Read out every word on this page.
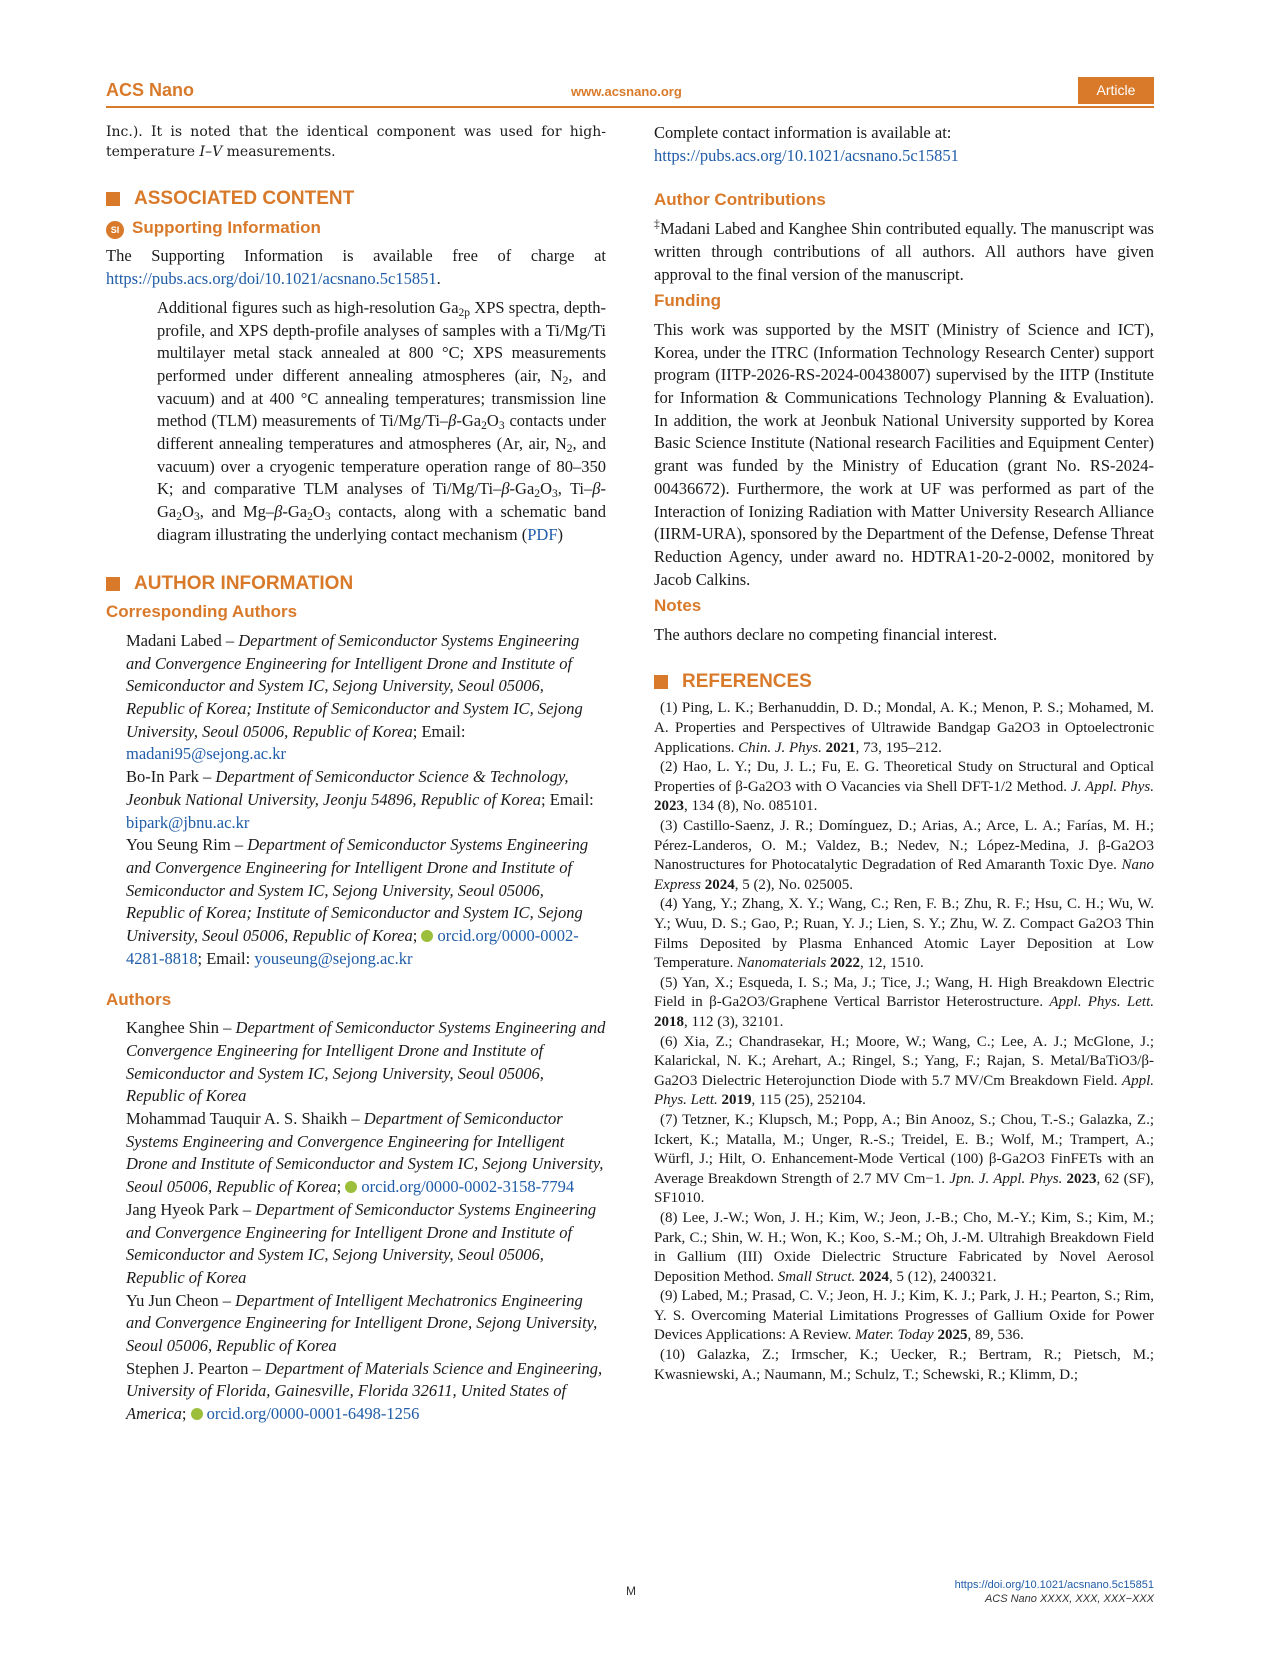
ACS Nano	www.acsnano.org	Article

Inc.). It is noted that the identical component was used for high-temperature I–V measurements.

ASSOCIATED CONTENT
SI Supporting Information

The Supporting Information is available free of charge at https://pubs.acs.org/doi/10.1021/acsnano.5c15851.

Additional figures such as high-resolution $Ga_{2p}$ XPS spectra, depth-profile, and XPS depth-profile analyses of samples with a Ti/Mg/Ti multilayer metal stack annealed at 800 °C; XPS measurements performed under different annealing atmospheres (air, $N_2$, and vacuum) and at 400 °C annealing temperatures; transmission line method (TLM) measurements of $Ti/Mg/Ti-\beta-Ga_2O_3$ contacts under different annealing temperatures and atmospheres (Ar, air, $N_2$, and vacuum) over a cryogenic temperature operation range of 80–350 K; and comparative TLM analyses of $Ti/Mg/Ti-\beta-Ga_2O_3$, $Ti-\beta-Ga_2O_3$, and $Mg-\beta-Ga_2O_3$ contacts, along with a schematic band diagram illustrating the underlying contact mechanism (PDF)

AUTHOR INFORMATION
Corresponding Authors
Madani Labed – Department of Semiconductor Systems Engineering and Convergence Engineering for Intelligent Drone and Institute of Semiconductor and System IC, Sejong University, Seoul 05006, Republic of Korea; Institute of Semiconductor and System IC, Sejong University, Seoul 05006, Republic of Korea; Email: madani95@sejong.ac.kr
Bo-In Park – Department of Semiconductor Science & Technology, Jeonbuk National University, Jeonju 54896, Republic of Korea; Email: bipark@jbnu.ac.kr
You Seung Rim – Department of Semiconductor Systems Engineering and Convergence Engineering for Intelligent Drone and Institute of Semiconductor and System IC, Sejong University, Seoul 05006, Republic of Korea; Institute of Semiconductor and System IC, Sejong University, Seoul 05006, Republic of Korea; orcid.org/0000-0002-4281-8818; Email: youseung@sejong.ac.kr
Authors
Kanghee Shin – Department of Semiconductor Systems Engineering and Convergence Engineering for Intelligent Drone and Institute of Semiconductor and System IC, Sejong University, Seoul 05006, Republic of Korea
Mohammad Tauquir A. S. Shaikh – Department of Semiconductor Systems Engineering and Convergence Engineering for Intelligent Drone and Institute of Semiconductor and System IC, Sejong University, Seoul 05006, Republic of Korea; orcid.org/0000-0002-3158-7794
Jang Hyeok Park – Department of Semiconductor Systems Engineering and Convergence Engineering for Intelligent Drone and Institute of Semiconductor and System IC, Sejong University, Seoul 05006, Republic of Korea
Yu Jun Cheon – Department of Intelligent Mechatronics Engineering and Convergence Engineering for Intelligent Drone, Sejong University, Seoul 05006, Republic of Korea
Stephen J. Pearton – Department of Materials Science and Engineering, University of Florida, Gainesville, Florida 32611, United States of America; orcid.org/0000-0001-6498-1256

Complete contact information is available at:

https://pubs.acs.org/10.1021/acsnano.5c15851
Author Contributions

‡Madani Labed and Kanghee Shin contributed equally. The manuscript was written through contributions of all authors. All authors have given approval to the final version of the manuscript.

Funding

This work was supported by the MSIT (Ministry of Science and ICT), Korea, under the ITRC (Information Technology Research Center) support program (IITP-2026-RS-2024-00438007) supervised by the IITP (Institute for Information & Communications Technology Planning & Evaluation). In addition, the work at Jeonbuk National University supported by Korea Basic Science Institute (National research Facilities and Equipment Center) grant was funded by the Ministry of Education (grant No. RS-2024-00436672). Furthermore, the work at UF was performed as part of the Interaction of Ionizing Radiation with Matter University Research Alliance (IIRM-URA), sponsored by the Department of the Defense, Defense Threat Reduction Agency, under award no. HDTRA1-20-2-0002, monitored by Jacob Calkins.

Notes

The authors declare no competing financial interest.

REFERENCES

(1) Ping, L. K.; Berhanuddin, D. D.; Mondal, A. K.; Menon, P. S.; Mohamed, M. A. Properties and Perspectives of Ultrawide Bandgap Ga2O3 in Optoelectronic Applications. Chin. J. Phys. 2021, 73, 195–212.

(2) Hao, L. Y.; Du, J. L.; Fu, E. G. Theoretical Study on Structural and Optical Properties of β-Ga2O3 with O Vacancies via Shell DFT-1/2 Method. J. Appl. Phys. 2023, 134 (8), No. 085101.

(3) Castillo-Saenz, J. R.; Domínguez, D.; Arias, A.; Arce, L. A.; Farías, M. H.; Pérez-Landeros, O. M.; Valdez, B.; Nedev, N.; López-Medina, J. β-Ga2O3 Nanostructures for Photocatalytic Degradation of Red Amaranth Toxic Dye. Nano Express 2024, 5 (2), No. 025005.

(4) Yang, Y.; Zhang, X. Y.; Wang, C.; Ren, F. B.; Zhu, R. F.; Hsu, C. H.; Wu, W. Y.; Wuu, D. S.; Gao, P.; Ruan, Y. J.; Lien, S. Y.; Zhu, W. Z. Compact Ga2O3 Thin Films Deposited by Plasma Enhanced Atomic Layer Deposition at Low Temperature. Nanomaterials 2022, 12, 1510.

(5) Yan, X.; Esqueda, I. S.; Ma, J.; Tice, J.; Wang, H. High Breakdown Electric Field in β-Ga2O3/Graphene Vertical Barristor Heterostructure. Appl. Phys. Lett. 2018, 112 (3), 32101.

(6) Xia, Z.; Chandrasekar, H.; Moore, W.; Wang, C.; Lee, A. J.; McGlone, J.; Kalarickal, N. K.; Arehart, A.; Ringel, S.; Yang, F.; Rajan, S. Metal/BaTiO3/β-Ga2O3 Dielectric Heterojunction Diode with 5.7 MV/Cm Breakdown Field. Appl. Phys. Lett. 2019, 115 (25), 252104.

(7) Tetzner, K.; Klupsch, M.; Popp, A.; Bin Anooz, S.; Chou, T.-S.; Galazka, Z.; Ickert, K.; Matalla, M.; Unger, R.-S.; Treidel, E. B.; Wolf, M.; Trampert, A.; Würfl, J.; Hilt, O. Enhancement-Mode Vertical (100) β-Ga2O3 FinFETs with an Average Breakdown Strength of 2.7 MV Cm−1. Jpn. J. Appl. Phys. 2023, 62 (SF), SF1010.

(8) Lee, J.-W.; Won, J. H.; Kim, W.; Jeon, J.-B.; Cho, M.-Y.; Kim, S.; Kim, M.; Park, C.; Shin, W. H.; Won, K.; Koo, S.-M.; Oh, J.-M. Ultrahigh Breakdown Field in Gallium (III) Oxide Dielectric Structure Fabricated by Novel Aerosol Deposition Method. Small Struct. 2024, 5 (12), 2400321.

(9) Labed, M.; Prasad, C. V.; Jeon, H. J.; Kim, K. J.; Park, J. H.; Pearton, S.; Rim, Y. S. Overcoming Material Limitations Progresses of Gallium Oxide for Power Devices Applications: A Review. Mater. Today 2025, 89, 536.

(10) Galazka, Z.; Irmscher, K.; Uecker, R.; Bertram, R.; Pietsch, M.; Kwasniewski, A.; Naumann, M.; Schulz, T.; Schewski, R.; Klimm, D.;

M	https://doi.org/10.1021/acsnano.5c15851
ACS Nano XXXX, XXX, XXX−XXX
